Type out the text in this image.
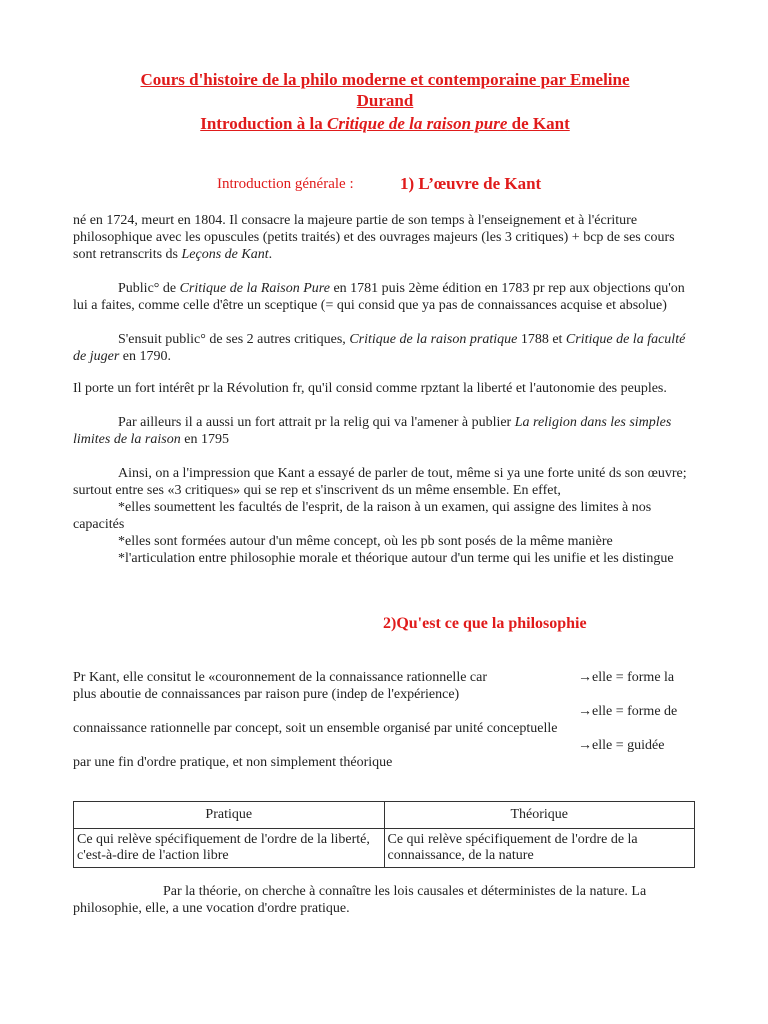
Cours d'histoire de la philo moderne et contemporaine par Emeline
Durand
Introduction à la Critique de la raison pure de Kant
Introduction générale :	1) L’œuvre de Kant
né en 1724, meurt en 1804. Il consacre la majeure partie de son temps à l'enseignement et à l'écriture philosophique avec les opuscules (petits traités) et des ouvrages majeurs (les 3 critiques) + bcp de ses cours sont retranscrits ds Leçons de Kant.
Public° de Critique de la Raison Pure en 1781 puis 2ème édition en 1783 pr rep aux objections qu'on lui a faites, comme celle d'être un sceptique (= qui consid que ya pas de connaissances acquise et absolue)
S'ensuit public° de ses 2 autres critiques, Critique de la raison pratique 1788 et Critique de la faculté de juger en 1790.
Il porte un fort intérêt pr la Révolution fr, qu'il consid comme rpztant la liberté et l'autonomie des peuples.
Par ailleurs il a aussi un fort attrait pr la relig qui va l'amener à publier La religion dans les simples limites de la raison en 1795
Ainsi, on a l'impression que Kant a essayé de parler de tout, même si ya une forte unité ds son œuvre; surtout entre ses «3 critiques» qui se rep et s'inscrivent ds un même ensemble. En effet,
*elles soumettent les facultés de l'esprit, de la raison à un examen, qui assigne des limites à nos capacités
*elles sont formées autour d'un même concept, où les pb sont posés de la même manière
*l'articulation entre philosophie morale et théorique autour d'un terme qui les unifie et les distingue
2)Qu'est ce que la philosophie
Pr Kant, elle consitut le «couronnement de la connaissance rationnelle car	→elle = forme la
plus aboutie de connaissances par raison pure (indep de l'expérience)
→elle = forme de
connaissance rationnelle par concept, soit un ensemble organisé par unité conceptuelle
→elle = guidée
par une fin d'ordre pratique, et non simplement théorique
Pratique	Théorique
Ce qui relève spécifiquement de l'ordre de la liberté, c'est-à-dire de l'action libre	Ce qui relève spécifiquement de l'ordre de la connaissance, de la nature
Par la théorie, on cherche à connaître les lois causales et déterministes de la nature. La philosophie, elle, a une vocation d'ordre pratique.
